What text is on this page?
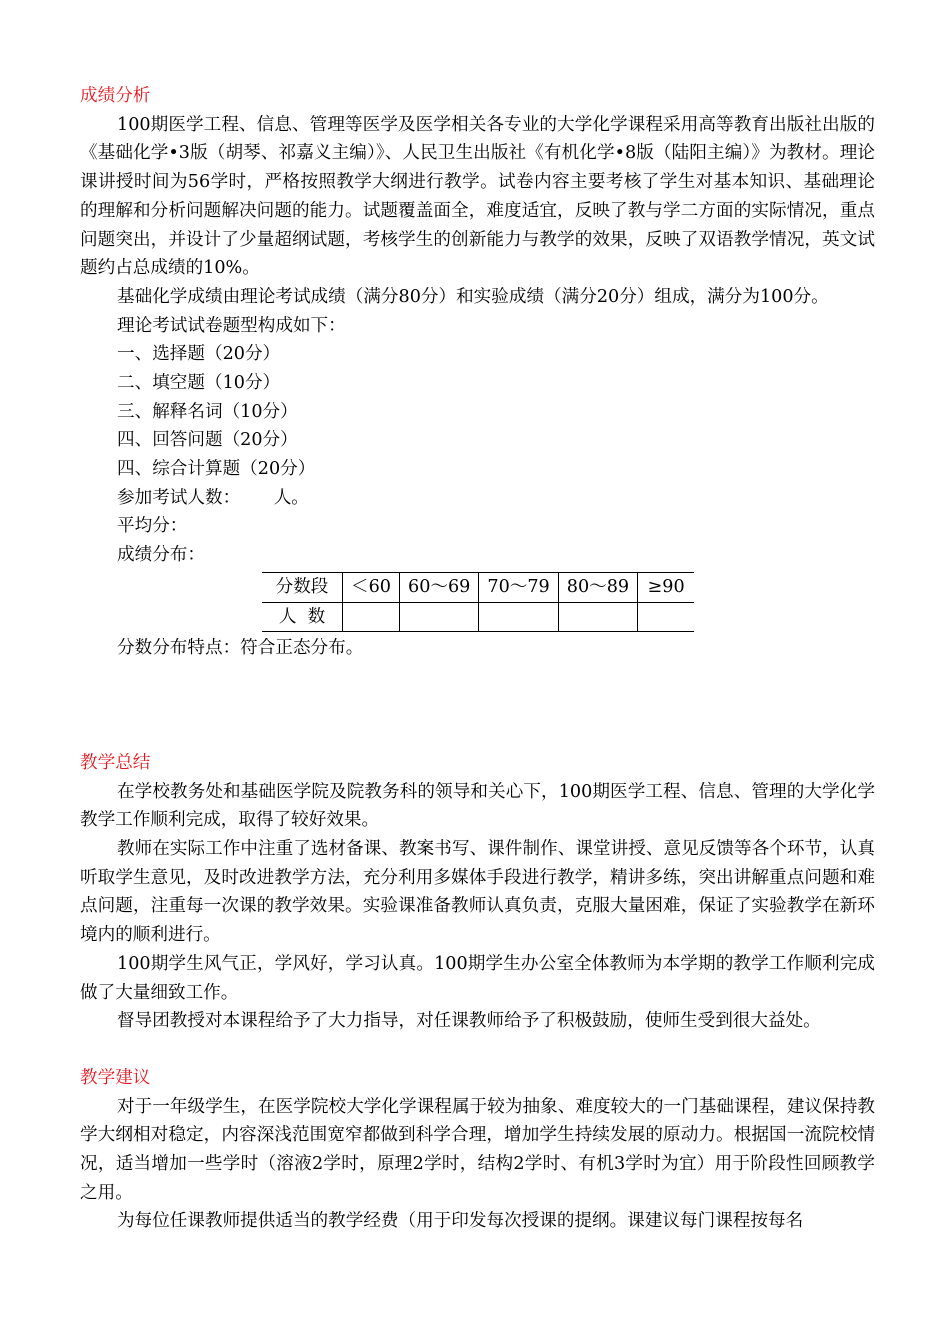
成绩分析

100期医学工程、信息、管理等医学及医学相关各专业的大学化学课程采用高等教育出版社出版的《基础化学•3版（胡琴、祁嘉义主编）》、人民卫生出版社《有机化学•8版（陆阳主编）》为教材。理论课讲授时间为56学时，严格按照教学大纲进行教学。试卷内容主要考核了学生对基本知识、基础理论的理解和分析问题解决问题的能力。试题覆盖面全，难度适宜，反映了教与学二方面的实际情况，重点问题突出，并设计了少量超纲试题，考核学生的创新能力与教学的效果，反映了双语教学情况，英文试题约占总成绩的10%。

基础化学成绩由理论考试成绩（满分80分）和实验成绩（满分20分）组成，满分为100分。

理论考试试卷题型构成如下：
一、选择题（20分）
二、填空题（10分）
三、解释名词（10分）
四、回答问题（20分）
四、综合计算题（20分）
参加考试人数：      人。
平均分：
成绩分布：
分数段	＜60	60～69	70～79	80～89	≥90
人  数					
分数分布特点：符合正态分布。
教学总结

在学校教务处和基础医学院及院教务科的领导和关心下，100期医学工程、信息、管理的大学化学教学工作顺利完成，取得了较好效果。

教师在实际工作中注重了选材备课、教案书写、课件制作、课堂讲授、意见反馈等各个环节，认真听取学生意见，及时改进教学方法，充分利用多媒体手段进行教学，精讲多练，突出讲解重点问题和难点问题，注重每一次课的教学效果。实验课准备教师认真负责，克服大量困难，保证了实验教学在新环境内的顺利进行。

100期学生风气正，学风好，学习认真。100期学生办公室全体教师为本学期的教学工作顺利完成做了大量细致工作。

督导团教授对本课程给予了大力指导，对任课教师给予了积极鼓励，使师生受到很大益处。

教学建议

对于一年级学生，在医学院校大学化学课程属于较为抽象、难度较大的一门基础课程，建议保持教学大纲相对稳定，内容深浅范围宽窄都做到科学合理，增加学生持续发展的原动力。根据国一流院校情况，适当增加一些学时（溶液2学时，原理2学时，结构2学时、有机3学时为宜）用于阶段性回顾教学之用。

为每位任课教师提供适当的教学经费（用于印发每次授课的提纲。课建议每门课程按每名
